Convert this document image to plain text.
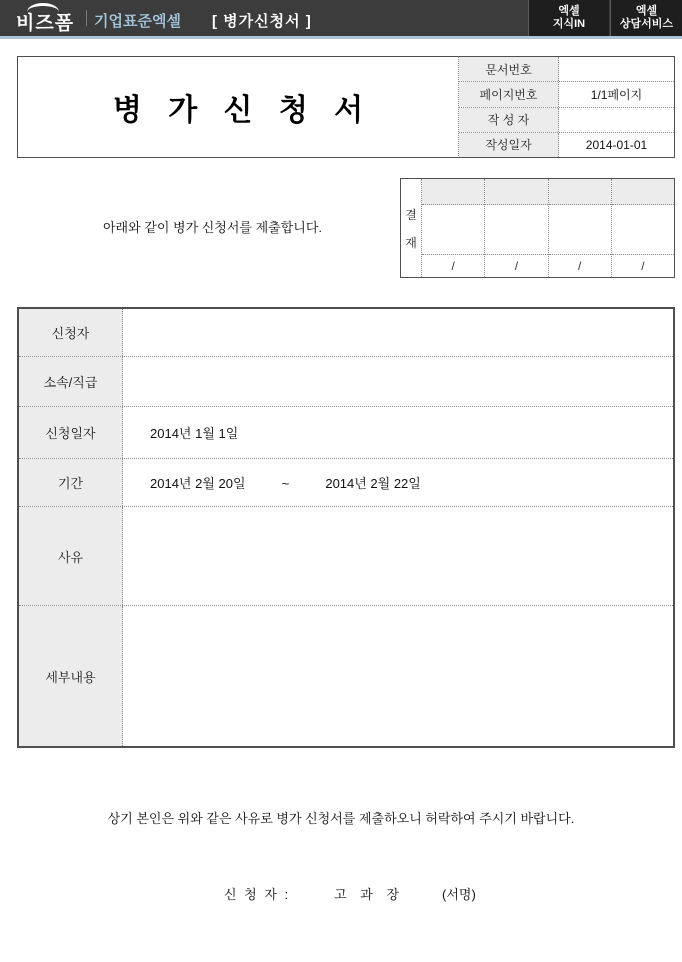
비즈폼 기업표준엑셀 [ 병가신청서 ]
엑셀
지식IN
엑셀
상담서비스
병 가 신 청 서
문서번호
페이지번호	1/1페이지
작 성 자
작성일자	2014-01-01
아래와 같이 병가 신청서를 제출합니다.
결
재
/	/	/	/
신청자
소속/직급
신청일자	2014년 1월 1일
기간	2014년 2월 20일          ~          2014년 2월 22일
사유
세부내용
상기 본인은 위와 같은 사유로 병가 신청서를 제출하오니 허락하여 주시기 바랍니다.
신 청 자 :	고 과 장	(서명)
